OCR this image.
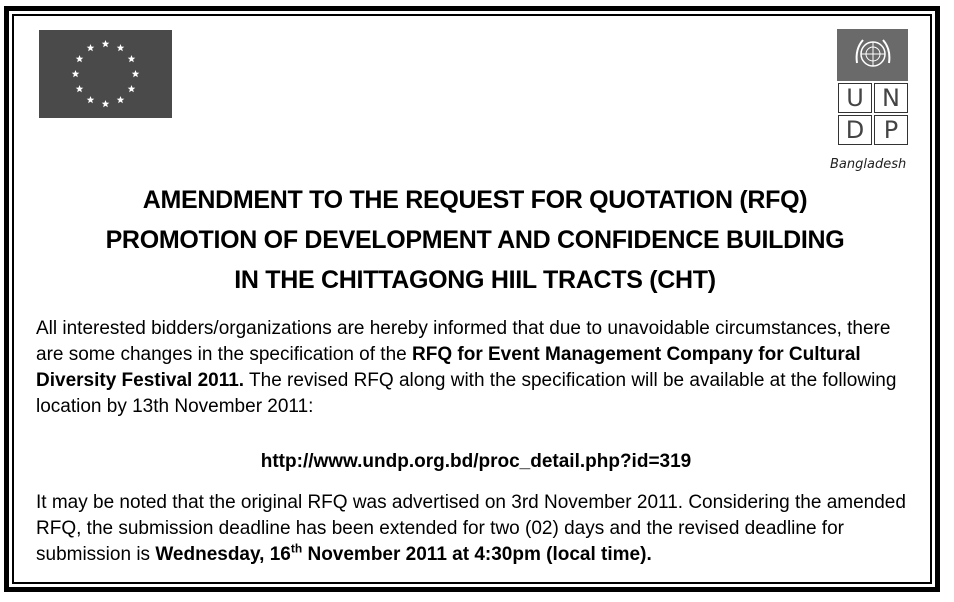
U N
D P
Bangladesh
AMENDMENT TO THE REQUEST FOR QUOTATION (RFQ)
PROMOTION OF DEVELOPMENT AND CONFIDENCE BUILDING
IN THE CHITTAGONG HIIL TRACTS (CHT)
All interested bidders/organizations are hereby informed that due to unavoidable circumstances, there are some changes in the specification of the RFQ for Event Management Company for Cultural Diversity Festival 2011. The revised RFQ along with the specification will be available at the following location by 13th November 2011:
http://www.undp.org.bd/proc_detail.php?id=319
It may be noted that the original RFQ was advertised on 3rd November 2011. Considering the amended RFQ, the submission deadline has been extended for two (02) days and the revised deadline for submission is Wednesday, 16th November 2011 at 4:30pm (local time).
